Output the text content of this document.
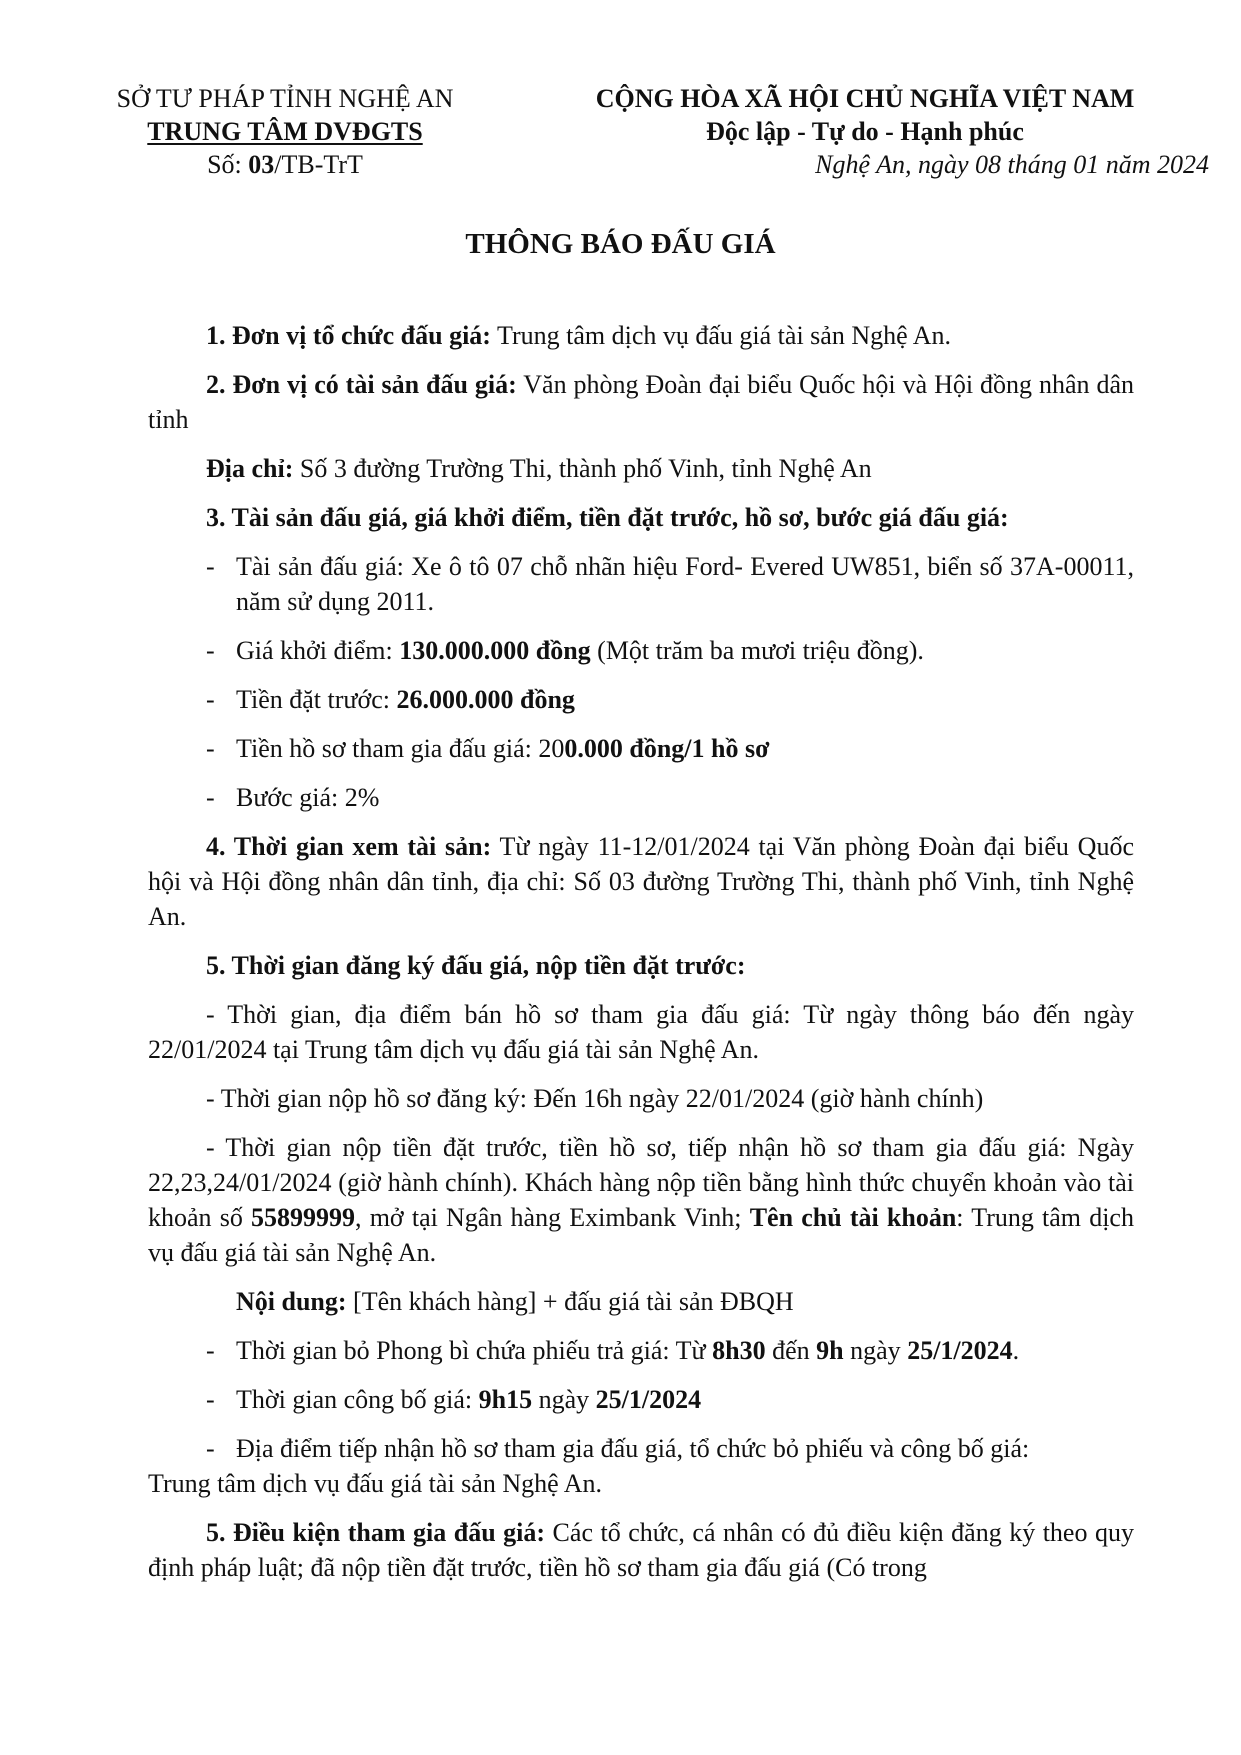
SỞ TƯ PHÁP TỈNH NGHỆ AN
TRUNG TÂM DVĐGTS
Số: 03/TB-TrT
CỘNG HÒA XÃ HỘI CHỦ NGHĨA VIỆT NAM
Độc lập - Tự do - Hạnh phúc
Nghệ An, ngày 08 tháng 01 năm 2024
THÔNG BÁO ĐẤU GIÁ

1. Đơn vị tổ chức đấu giá: Trung tâm dịch vụ đấu giá tài sản Nghệ An.

2. Đơn vị có tài sản đấu giá: Văn phòng Đoàn đại biểu Quốc hội và Hội đồng nhân dân tỉnh

Địa chỉ: Số 3 đường Trường Thi, thành phố Vinh, tỉnh Nghệ An

3. Tài sản đấu giá, giá khởi điểm, tiền đặt trước, hồ sơ, bước giá đấu giá:

- Tài sản đấu giá: Xe ô tô 07 chỗ nhãn hiệu Ford- Evered UW851, biển số 37A-00011, năm sử dụng 2011.
- Giá khởi điểm: 130.000.000 đồng (Một trăm ba mươi triệu đồng).
- Tiền đặt trước: 26.000.000 đồng
- Tiền hồ sơ tham gia đấu giá: 200.000 đồng/1 hồ sơ
- Bước giá: 2%

4. Thời gian xem tài sản: Từ ngày 11-12/01/2024 tại Văn phòng Đoàn đại biểu Quốc hội và Hội đồng nhân dân tỉnh, địa chỉ: Số 03 đường Trường Thi, thành phố Vinh, tỉnh Nghệ An.

5. Thời gian đăng ký đấu giá, nộp tiền đặt trước:

- Thời gian, địa điểm bán hồ sơ tham gia đấu giá: Từ ngày thông báo đến ngày 22/01/2024 tại Trung tâm dịch vụ đấu giá tài sản Nghệ An.

- Thời gian nộp hồ sơ đăng ký: Đến 16h ngày 22/01/2024 (giờ hành chính)

- Thời gian nộp tiền đặt trước, tiền hồ sơ, tiếp nhận hồ sơ tham gia đấu giá: Ngày 22,23,24/01/2024 (giờ hành chính). Khách hàng nộp tiền bằng hình thức chuyển khoản vào tài khoản số 55899999, mở tại Ngân hàng Eximbank Vinh; Tên chủ tài khoản: Trung tâm dịch vụ đấu giá tài sản Nghệ An.

Nội dung: [Tên khách hàng] + đấu giá tài sản ĐBQH

- Thời gian bỏ Phong bì chứa phiếu trả giá: Từ 8h30 đến 9h ngày 25/1/2024.
- Thời gian công bố giá: 9h15 ngày 25/1/2024
- Địa điểm tiếp nhận hồ sơ tham gia đấu giá, tổ chức bỏ phiếu và công bố giá:

Trung tâm dịch vụ đấu giá tài sản Nghệ An.

5. Điều kiện tham gia đấu giá: Các tổ chức, cá nhân có đủ điều kiện đăng ký theo quy định pháp luật; đã nộp tiền đặt trước, tiền hồ sơ tham gia đấu giá (Có trong
